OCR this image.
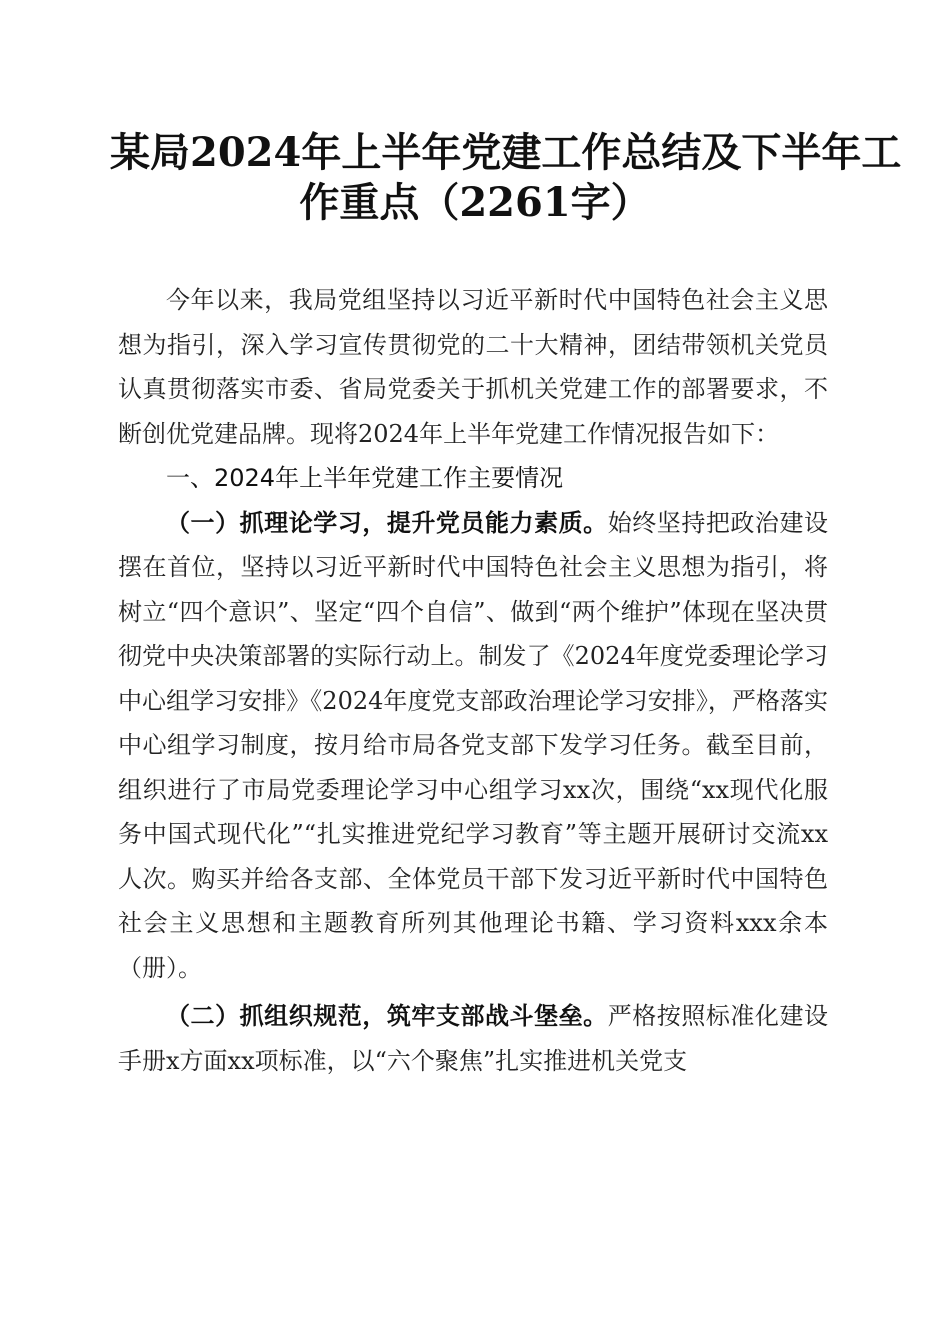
某局2024年上半年党建工作总结及下半年工
作重点（2261字）

今年以来，我局党组坚持以习近平新时代中国特色社会主义思想为指引，深入学习宣传贯彻党的二十大精神，团结带领机关党员认真贯彻落实市委、省局党委关于抓机关党建工作的部署要求，不断创优党建品牌。现将2024年上半年党建工作情况报告如下：

一、2024年上半年党建工作主要情况

（一）抓理论学习，提升党员能力素质。始终坚持把政治建设摆在首位，坚持以习近平新时代中国特色社会主义思想为指引，将树立“四个意识”、坚定“四个自信”、做到“两个维护”体现在坚决贯彻党中央决策部署的实际行动上。制发了《2024年度党委理论学习中心组学习安排》《2024年度党支部政治理论学习安排》，严格落实中心组学习制度，按月给市局各党支部下发学习任务。截至目前，组织进行了市局党委理论学习中心组学习xx次，围绕“xx现代化服务中国式现代化”“扎实推进党纪学习教育”等主题开展研讨交流xx人次。购买并给各支部、全体党员干部下发习近平新时代中国特色社会主义思想和主题教育所列其他理论书籍、学习资料xxx余本（册）。

（二）抓组织规范，筑牢支部战斗堡垒。严格按照标准化建设手册x方面xx项标准，以“六个聚焦”扎实推进机关党支
